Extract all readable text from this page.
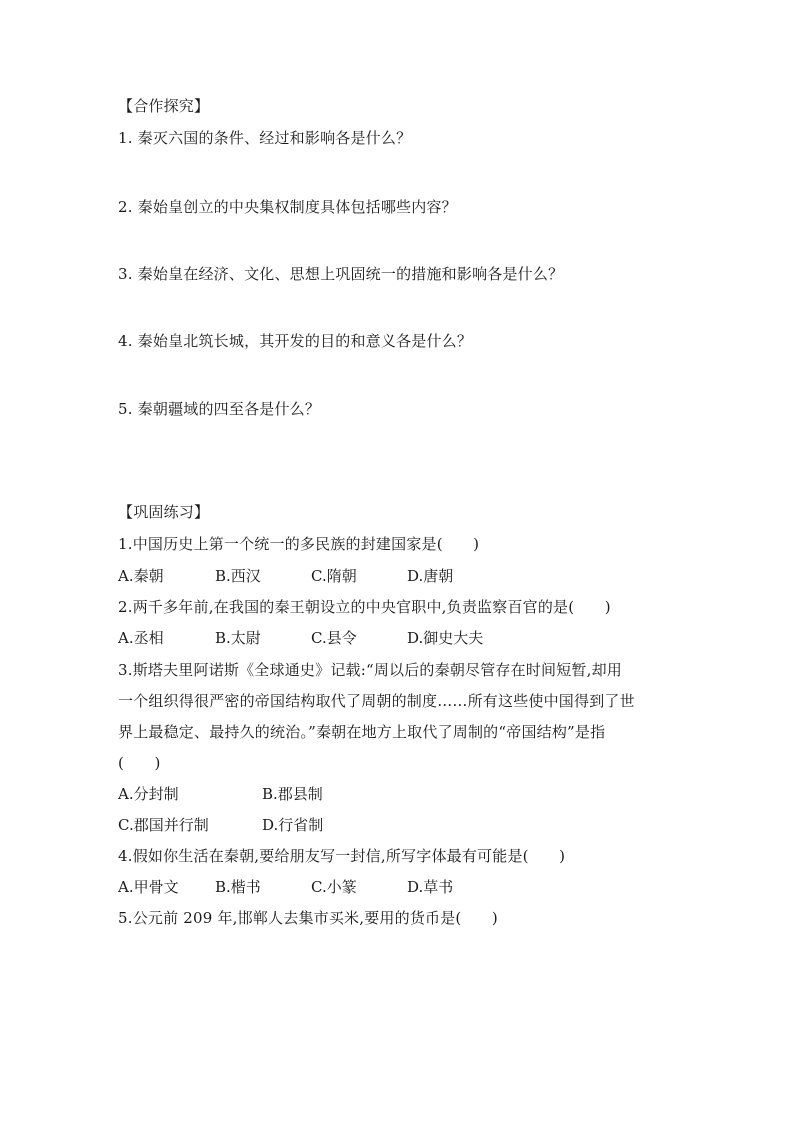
【合作探究】
1. 秦灭六国的条件、经过和影响各是什么？
2. 秦始皇创立的中央集权制度具体包括哪些内容？
3. 秦始皇在经济、文化、思想上巩固统一的措施和影响各是什么？
4. 秦始皇北筑长城，其开发的目的和意义各是什么？
5. 秦朝疆域的四至各是什么？
【巩固练习】
1.中国历史上第一个统一的多民族的封建国家是(　　)
A.秦朝	B.西汉	C.隋朝	D.唐朝
2.两千多年前,在我国的秦王朝设立的中央官职中,负责监察百官的是(　　)
A.丞相	B.太尉	C.县令	D.御史大夫
3.斯塔夫里阿诺斯《全球通史》记载:“周以后的秦朝尽管存在时间短暂,却用
一个组织得很严密的帝国结构取代了周朝的制度……所有这些使中国得到了世
界上最稳定、最持久的统治。”秦朝在地方上取代了周制的“帝国结构”是指
(　　)
A.分封制	B.郡县制
C.郡国并行制	D.行省制
4.假如你生活在秦朝,要给朋友写一封信,所写字体最有可能是(　　)
A.甲骨文 B.楷书	C.小篆	D.草书
5.公元前 209 年,邯郸人去集市买米,要用的货币是(　　)
